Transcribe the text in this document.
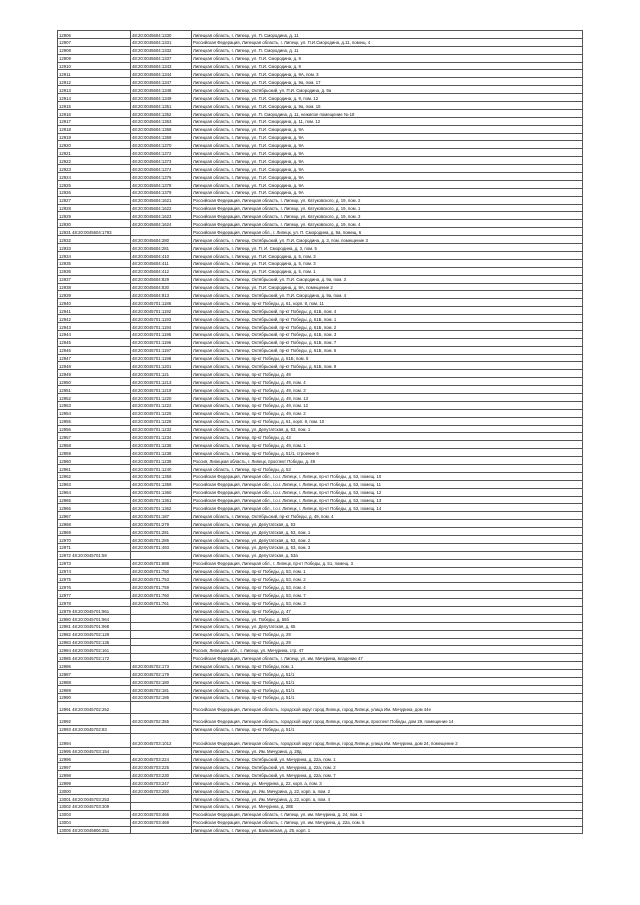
12906	48:20:0045604:1330	Липецкая область, г. Липецк, ул. П. Смородина, д. 11
12907	48:20:0045604:1331	Российская Федерация, Липецкая область, г. Липецк, ул. П.И.Смородина, д.11, помещ. 4
12908	48:20:0045604:1332	Липецкая область, г. Липецк, ул. П. Смородина, д. 11
12909	48:20:0045604:1337	Липецкая область, г. Липецк, ул. П.И. Смородина, д. 9
12910	48:20:0045604:1343	Липецкая область, г. Липецк, ул. П.И. Смородина, д. 9
12911	48:20:0045604:1344	Липецкая область, г. Липецк, ул. П.И. Смородина, д. 9А, пом. 3
12912	48:20:0045604:1347	Липецкая область, г. Липецк, ул. П.И. Смородина, д. 9а, пом. 17
12913	48:20:0045604:1348	Липецкая область, г. Липецк, Октябрьский, ул. П.И. Смородина, д. 9а
12914	48:20:0045604:1349	Липецкая область, г. Липецк, ул. П.И. Смородина, д. 9, пом. 12
12915	48:20:0045604:1351	Липецкая область, г. Липецк, ул. П.И. Смородина, д. 9а, пом. 15
12916	48:20:0045604:1352	Липецкая область, г. Липецк, ул. П. Смородина, д. 11, нежилое помещение № 18
12917	48:20:0045604:1363	Липецкая область, г. Липецк, ул. П.И. Смородина, д. 11, пом. 12
12918	48:20:0045604:1368	Липецкая область, г. Липецк, ул. П.И. Смородина, д. 9А
12919	48:20:0045604:1369	Липецкая область, г. Липецк, ул. П.И. Смородина, д. 9А
12920	48:20:0045604:1370	Липецкая область, г. Липецк, ул. П.И. Смородина, д. 9А
12921	48:20:0045604:1372	Липецкая область, г. Липецк, ул. П.И. Смородина, д. 9А
12922	48:20:0045604:1373	Липецкая область, г. Липецк, ул. П.И. Смородина, д. 9А
12923	48:20:0045604:1374	Липецкая область, г. Липецк, ул. П.И. Смородина, д. 9А
12924	48:20:0045604:1376	Липецкая область, г. Липецк, ул. П.И. Смородина, д. 9А
12925	48:20:0045604:1378	Липецкая область, г. Липецк, ул. П.И. Смородина, д. 9А
12926	48:20:0045604:1379	Липецкая область, г. Липецк, ул. П.И. Смородина, д. 9А
12927	48:20:0045604:1621	Российская Федерация, Липецкая область, г. Липецк, ул. Катуковского, д. 19, пом. 2
12928	48:20:0045604:1622	Российская Федерация, Липецкая область, г. Липецк, ул. Катуковского, д. 19, пом. 1
12929	48:20:0045604:1623	Российская Федерация, Липецкая область, г. Липецк, ул. Катуковского, д. 19, пом. 3
12930	48:20:0045604:1624	Российская Федерация, Липецкая область, г. Липецк, ул. Катуковского, д. 19, пом. 4
12931 48:20:0045604:1793		Российская Федерация, Липецкая обл., г. Липецк, ул. П. Смородина, д. 9а, помещ. 6
12932	48:20:0045604:280	Липецкая область, г. Липецк, Октябрьский, ул. П.И. Смородина, д. 3, пом. помещение 3
12933	48:20:0045604:281	Липецкая область, г. Липецк, ул. П. И. Смородина, д. 3, пом. 5
12934	48:20:0045604:410	Липецкая область, г. Липецк, ул. П.И. Смородина, д. 5, пом. 3
12935	48:20:0045604:411	Липецкая область, г. Липецк, ул. П.И. Смородина, д. 5, пом. 3
12936	48:20:0045604:412	Липецкая область, г. Липецк, ул. П.И. Смородина, д. 5, пом. 1
12937	48:20:0045604:829	Липецкая область, г. Липецк, Октябрьский, ул. П.И. Смородина, д. 9а, пом. 3
12938	48:20:0045604:830	Липецкая область, г. Липецк, ул. П.И. Смородина, д. 9А, помещение 2
12939	48:20:0045604:913	Липецкая область, г. Липецк, Октябрьский, ул. П.И. Смородина, д. 9а, пом. 4
12940	48:20:0045701:1186	Липецкая область, г. Липецк, пр-кт Победы, д. 61, корп. 8, пом. 11
12941	48:20:0045701:1192	Липецкая область, г. Липецк, Октябрьский, пр-кт Победы, д. 61Б, пом. 4
12942	48:20:0045701:1193	Липецкая область, г. Липецк, Октябрьский, пр-кт Победы, д. 61Б, пом. 1
12943	48:20:0045701:1194	Липецкая область, г. Липецк, Октябрьский, пр-кт Победы, д. 61Б, пом. 2
12944	48:20:0045701:1195	Липецкая область, г. Липецк, Октябрьский, пр-кт Победы, д. 61Б, пом. 3
12945	48:20:0045701:1196	Липецкая область, г. Липецк, Октябрьский, пр-кт Победы, д. 61Б, пом. 7
12946	48:20:0045701:1197	Липецкая область, г. Липецк, Октябрьский, пр-кт Победы, д. 61Б, пом. 6
12947	48:20:0045701:1198	Липецкая область, г. Липецк, пр-кт Победы, д. 61Б, пом. 5
12948	48:20:0045701:1201	Липецкая область, г. Липецк, Октябрьский, пр-кт Победы, д. 61Б, пом. 9
12949	48:20:0045701:121	Липецкая область, г. Липецк, пр-кт Победы, д. 49
12950	48:20:0045701:1213	Липецкая область, г. Липецк, пр-кт Победы, д. 49, пом. 4
12951	48:20:0045701:1219	Липецкая область, г. Липецк, пр-кт Победы, д. 49, пом. 3
12952	48:20:0045701:1220	Липецкая область, г. Липецк, пр-кт Победы, д. 49, пом. 13
12953	48:20:0045701:1222	Липецкая область, г. Липецк, пр-кт Победы, д. 49, пом. 12
12954	48:20:0045701:1225	Липецкая область, г. Липецк, пр-кт Победы, д. 49, пом. 2
12955	48:20:0045701:1228	Липецкая область, г. Липецк, пр-кт Победы, д. 61, корп. 8, пом. 10
12956	48:20:0045701:1232	Липецкая область, г. Липецк, ул. Депутатская, д. 53, пом. 1
12957	48:20:0045701:1234	Липецкая область, г. Липецк, пр-кт Победы, д. 43
12958	48:20:0045701:1236	Липецкая область, г. Липецк, пр-кт Победы, д. 49, пом. 1
12959	48:20:0045701:1238	Липецкая область, г. Липецк, пр-кт Победы, д. 51/1, строение 6
12960	48:20:0045701:1239	Россия, Липецкая область, г. Липецк, проспект Победы, д. 49
12961	48:20:0045701:1240	Липецкая область, г. Липецк, пр-кт Победы, д. 53
12962	48:20:0045701:1358	Российская Федерация, Липецкая обл., г.о.г. Липецк, г. Липецк, пр-кт Победы, д. 53, помещ. 10
12963	48:20:0045701:1359	Российская Федерация, Липецкая обл., г.о.г. Липецк, г. Липецк, пр-кт Победы, д. 53, помещ. 11
12964	48:20:0045701:1360	Российская Федерация, Липецкая обл., г.о.г. Липецк, г. Липецк, пр-кт Победы, д. 53, помещ. 12
12965	48:20:0045701:1361	Российская Федерация, Липецкая обл., г.о.г. Липецк, г. Липецк, пр-кт Победы, д. 53, помещ. 13
12966	48:20:0045701:1362	Российская Федерация, Липецкая обл., г.о.г. Липецк, г. Липецк, пр-кт Победы, д. 53, помещ. 14
12967	48:20:0045701:187	Липецкая область, г. Липецк, Октябрьский, пр-кт Победы, д. 49, пом. 4
12968	48:20:0045701:279	Липецкая область, г. Липецк, ул. Депутатская, д. 53
12969	48:20:0045701:281	Липецкая область, г. Липецк, ул. Депутатская, д. 53, пом. 1
12970	48:20:0045701:286	Липецкая область, г. Липецк, ул. Депутатская, д. 53, пом. 2
12971	48:20:0045701:493	Липецкая область, г. Липецк, ул. Депутатская, д. 53, пом. 3
12972 48:20:0045701:59		Липецкая область, г. Липецк, ул. Депутатская, д. 53а
12973	48:20:0045701:688	Российская Федерация, Липецкая обл., г. Липецк, пр-кт Победы, д. 51, помещ. 3
12974	48:20:0045701:750	Липецкая область, г. Липецк, пр-кт Победы, д. 53, пом. 1
12975	48:20:0045701:753	Липецкая область, г. Липецк, пр-кт Победы, д. 53, пом. 2
12976	48:20:0045701:759	Липецкая область, г. Липецк, пр-кт Победы, д. 53, пом. 4
12977	48:20:0045701:760	Липецкая область, г. Липецк, пр-кт Победы, д. 53, пом. 7
12978	48:20:0045701:761	Липецкая область, г. Липецк, пр-кт Победы, д. 53, пом. 3
12979 48:20:0045701:961		Липецкая область, г. Липецк, пр-кт Победы, д. 47
12980 48:20:0045701:964		Липецкая область, г. Липецк, ул. Победы, д. 55б
12981 48:20:0045701:968		Липецкая область, г. Липецк, ул. Депутатская, д. 65
12982 48:20:0045702:129		Липецкая область, г. Липецк, пр-кт Победы, д. 29
12983 48:20:0045702:135		Липецкая область, г. Липецк, пр-кт Победы, д. 29
12984 48:20:0045702:161		Россия, Липецкая обл., г. Липецк, ул. Мичурина, стр. 47
12985 48:20:0045702:172		Российская Федерация, Липецкая область, г. Липецк, ул. им. Мичурина, владение 47
12986	48:20:0045702:173	Липецкая область, г. Липецк, пр-кт Победы, пом. 1
12987	48:20:0045702:179	Липецкая область, г. Липецк, пр-кт Победы, д. 51/1
12988	48:20:0045702:180	Липецкая область, г. Липецк, пр-кт Победы, д. 51/1
12989	48:20:0045702:181	Липецкая область, г. Липецк, пр-кт Победы, д. 51/1
12990	48:20:0045702:186	Липецкая область, г. Липецк, пр-кт Победы, д. 51/1
12991 48:20:0045702:252		Российская Федерация, Липецкая область, городской округ город Липецк, город Липецк, улица Им. Мичурина, дом 44е
12992	48:20:0045702:355	Российская Федерация, Липецкая область, городской округ город Липецк, город Липецк, проспект Победы, дом 29, помещение 14
12993 48:20:0045702:83		Липецкая область, г. Липецк, пр-кт Победы, д. 51/1
12994	48:20:0045703:1012	Российская Федерация, Липецкая область, городской округ город Липецк, город Липецк, улица Им. Мичурина, дом 24, помещение 2
12995 48:20:0045703:154		Липецкая область, г. Липецк, ул. Им. Мичурина, д. 28д
12996	48:20:0045703:224	Липецкая область, г. Липецк, Октябрьский, ул. Мичурина, д. 22а, пом. 1
12997	48:20:0045703:225	Липецкая область, г. Липецк, Октябрьский, ул. Мичурина, д. 22а, пом. 2
12998	48:20:0045703:230	Липецкая область, г. Липецк, Октябрьский, ул. Мичурина, д. 22а, пом. 7
12999	48:20:0045703:247	Липецкая область, г. Липецк, ул. Мичурина, д. 22, корп. а, пом. 3
13000	48:20:0045703:250	Липецкая область, г. Липецк, ул. Им. Мичурина, д. 22, корп. а, пом. 2
13001 48:20:0045703:253		Липецкая область, г. Липецк, ул. Им. Мичурина, д. 22, корп. а, пом. 4
13002 48:20:0045703:309		Липецкая область, г. Липецк, ул. Мичурина, д. 28Е
13003	48:20:0045703:466	Российская Федерация, Липецкая область, г. Липецк, ул. им. Мичурина, д. 24, пом. 1
13004	48:20:0045703:469	Российская Федерация, Липецкая область, г. Липецк, ул. им. Мичурина, д. 22а, пом. 5
13005 48:20:0045806:251		Липецкая область, г. Липецк, ул. Балканская, д. 25, корп. 1
